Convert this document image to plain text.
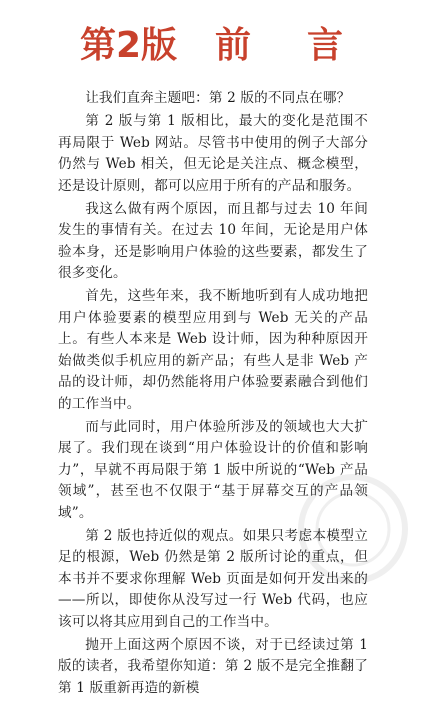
第2版 前 言

让我们直奔主题吧：第 2 版的不同点在哪？

第 2 版与第 1 版相比，最大的变化是范围不再局限于 Web 网站。尽管书中使用的例子大部分仍然与 Web 相关，但无论是关注点、概念模型，还是设计原则，都可以应用于所有的产品和服务。

我这么做有两个原因，而且都与过去 10 年间发生的事情有关。在过去 10 年间，无论是用户体验本身，还是影响用户体验的这些要素，都发生了很多变化。

首先，这些年来，我不断地听到有人成功地把用户体验要素的模型应用到与 Web 无关的产品上。有些人本来是 Web 设计师，因为种种原因开始做类似手机应用的新产品；有些人是非 Web 产品的设计师，却仍然能将用户体验要素融合到他们的工作当中。

而与此同时，用户体验所涉及的领域也大大扩展了。我们现在谈到“用户体验设计的价值和影响力”，早就不再局限于第 1 版中所说的“Web 产品领域”，甚至也不仅限于“基于屏幕交互的产品领域”。

第 2 版也持近似的观点。如果只考虑本模型立足的根源，Web 仍然是第 2 版所讨论的重点，但本书并不要求你理解 Web 页面是如何开发出来的——所以，即使你从没写过一行 Web 代码，也应该可以将其应用到自己的工作当中。

抛开上面这两个原因不谈，对于已经读过第 1 版的读者，我希望你知道：第 2 版不是完全推翻了第 1 版重新再造的新模
